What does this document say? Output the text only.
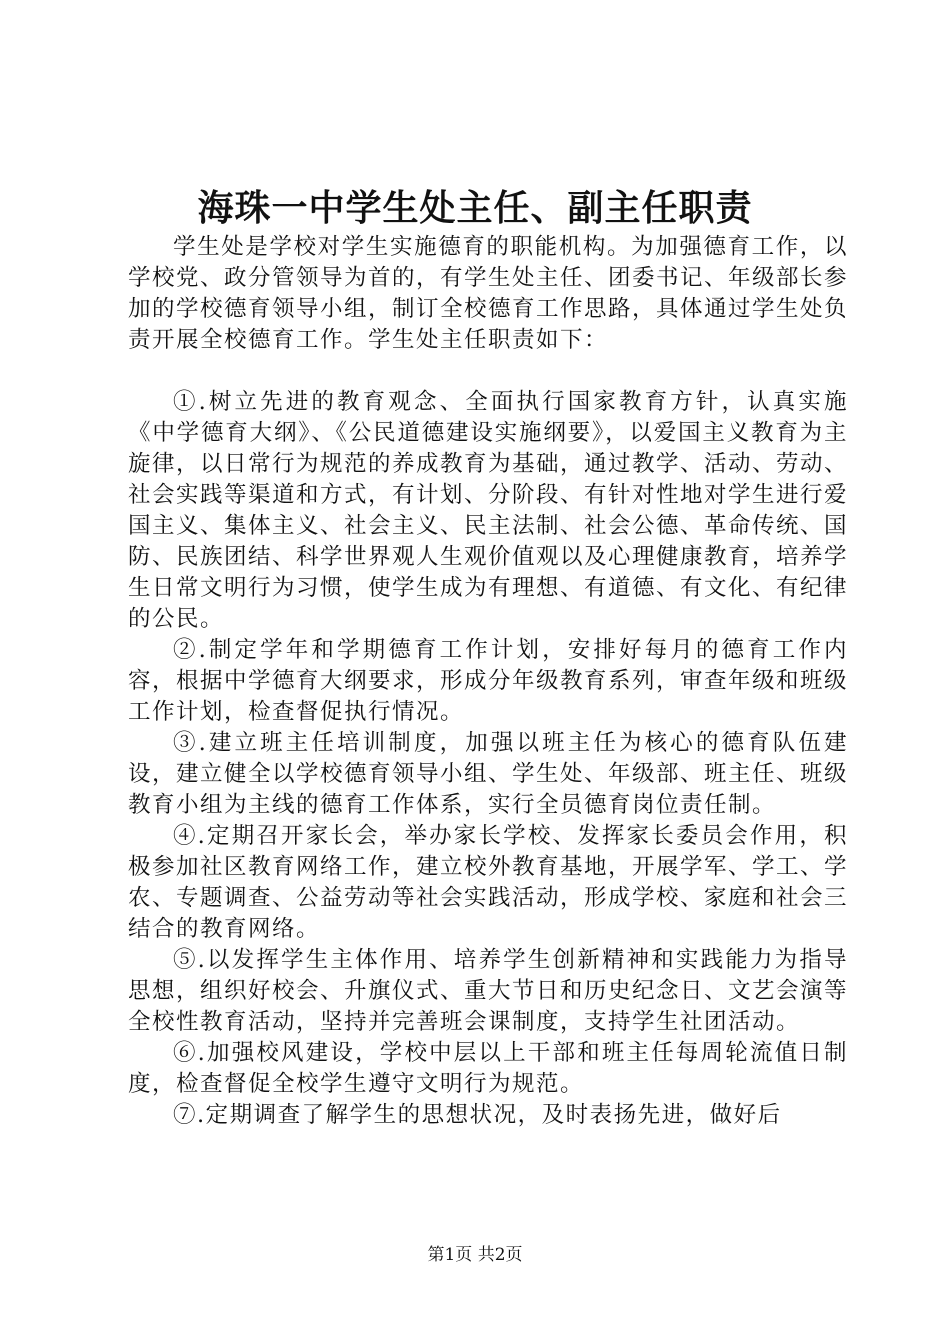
海珠一中学生处主任、副主任职责

学生处是学校对学生实施德育的职能机构。为加强德育工作，以学校党、政分管领导为首的，有学生处主任、团委书记、年级部长参加的学校德育领导小组，制订全校德育工作思路，具体通过学生处负责开展全校德育工作。学生处主任职责如下：

①.树立先进的教育观念、全面执行国家教育方针，认真实施《中学德育大纲》、《公民道德建设实施纲要》，以爱国主义教育为主旋律，以日常行为规范的养成教育为基础，通过教学、活动、劳动、社会实践等渠道和方式，有计划、分阶段、有针对性地对学生进行爱国主义、集体主义、社会主义、民主法制、社会公德、革命传统、国防、民族团结、科学世界观人生观价值观以及心理健康教育，培养学生日常文明行为习惯，使学生成为有理想、有道德、有文化、有纪律的公民。

②.制定学年和学期德育工作计划，安排好每月的德育工作内容，根据中学德育大纲要求，形成分年级教育系列，审查年级和班级工作计划，检查督促执行情况。

③.建立班主任培训制度，加强以班主任为核心的德育队伍建设，建立健全以学校德育领导小组、学生处、年级部、班主任、班级教育小组为主线的德育工作体系，实行全员德育岗位责任制。

④.定期召开家长会，举办家长学校、发挥家长委员会作用，积极参加社区教育网络工作，建立校外教育基地，开展学军、学工、学农、专题调查、公益劳动等社会实践活动，形成学校、家庭和社会三结合的教育网络。

⑤.以发挥学生主体作用、培养学生创新精神和实践能力为指导思想，组织好校会、升旗仪式、重大节日和历史纪念日、文艺会演等全校性教育活动，坚持并完善班会课制度，支持学生社团活动。

⑥.加强校风建设，学校中层以上干部和班主任每周轮流值日制度，检查督促全校学生遵守文明行为规范。

⑦.定期调查了解学生的思想状况，及时表扬先进，做好后

第1页 共2页
